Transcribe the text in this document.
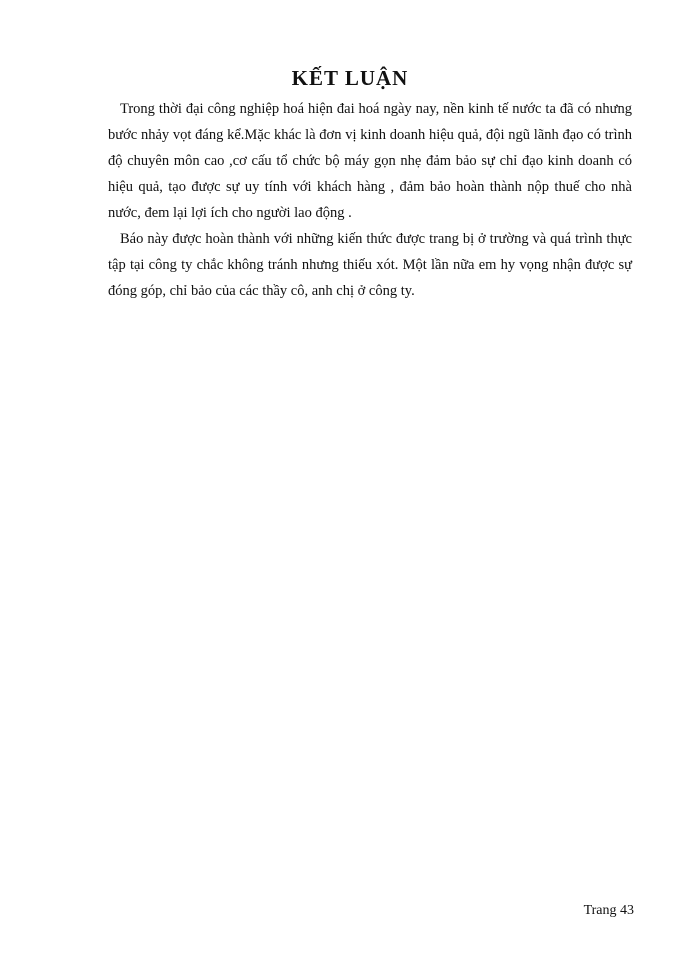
KẾT LUẬN

Trong thời đại công nghiệp hoá hiện đai hoá ngày nay, nền kinh tế nước ta đã có nhưng bước nhảy vọt đáng kể.Mặc khác là đơn vị kinh doanh hiệu quả, đội ngũ lãnh đạo có trình độ chuyên môn cao ,cơ cấu tổ chức bộ máy gọn nhẹ đảm bảo sự chỉ đạo kinh doanh có hiệu quả, tạo được sự uy tính với khách hàng , đảm bảo hoàn thành nộp thuế cho nhà nước, đem lại lợi ích cho người lao động .

Báo này được hoàn thành với những kiến thức được trang bị ở trường và quá trình thực tập tại công ty chắc không tránh nhưng thiếu xót. Một lần nữa em hy vọng nhận được sự đóng góp, chỉ bảo của các thầy cô, anh chị ở công ty.

Trang 43
